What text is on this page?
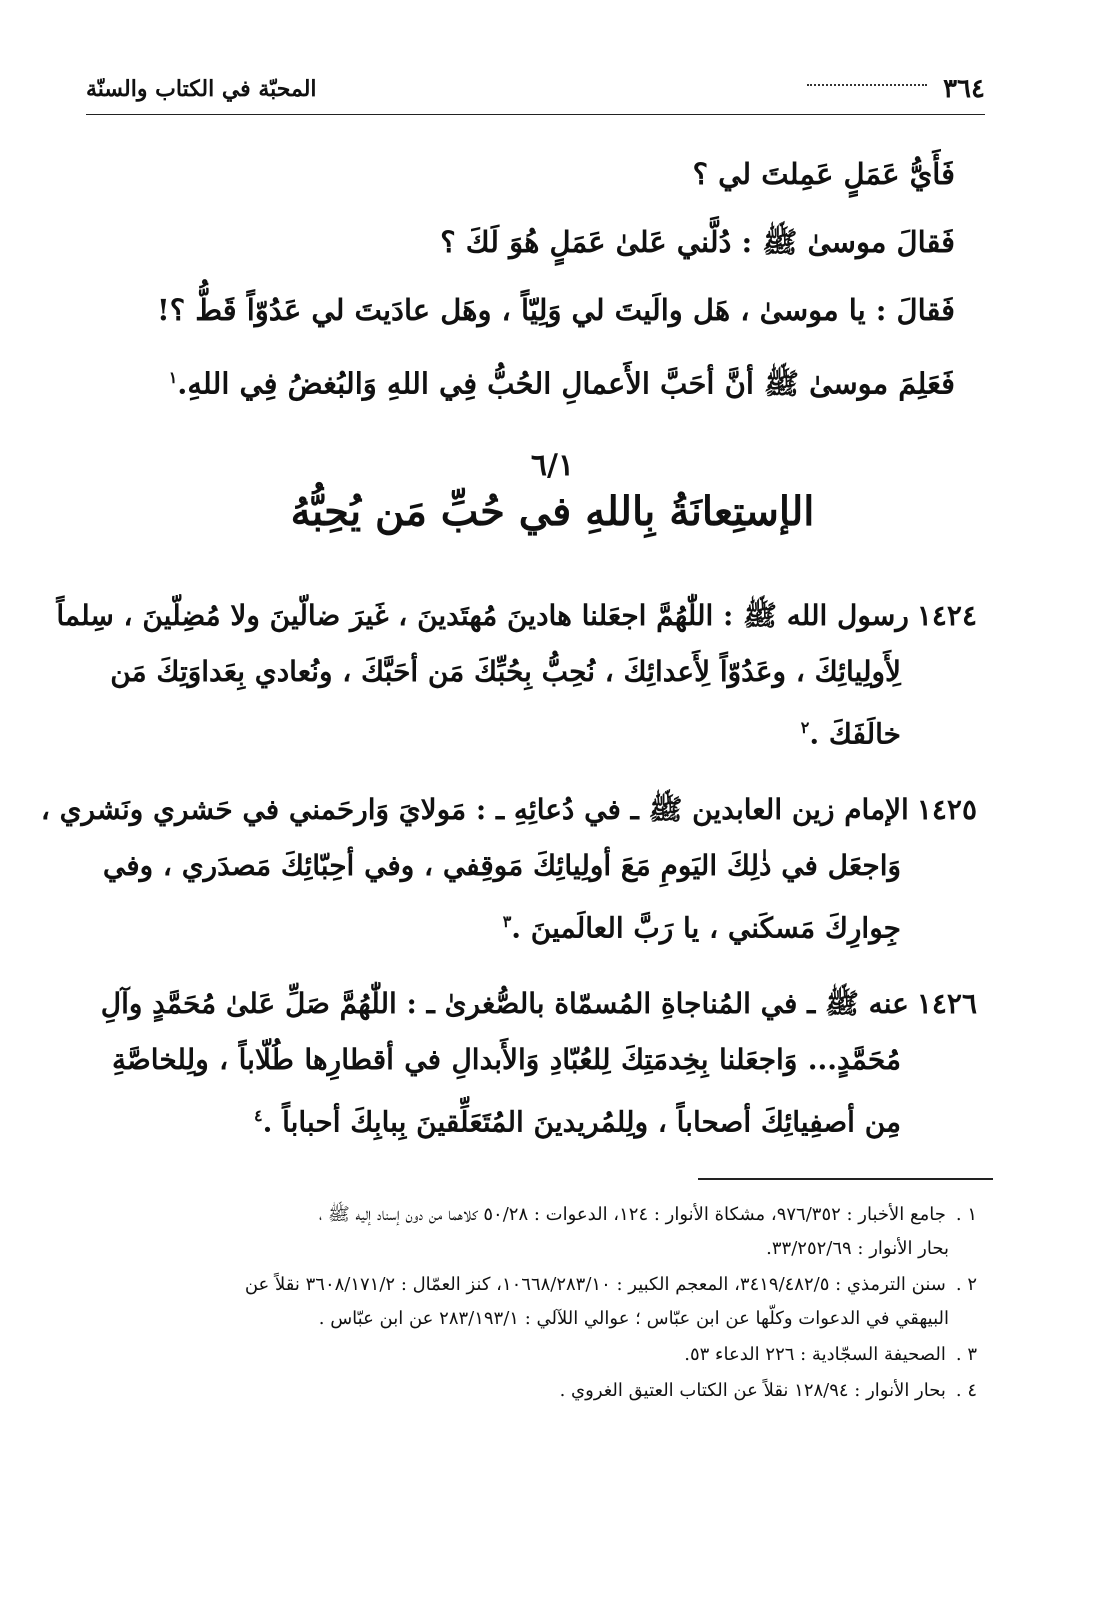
٣٦٤
المحبّة في الكتاب والسنّة

فَأَيُّ عَمَلٍ عَمِلتَ لي ؟

فَقالَ موسىٰ ﷺ : دُلَّني عَلىٰ عَمَلٍ هُوَ لَكَ ؟

فَقالَ : يا موسىٰ ، هَل والَيتَ لي وَلِيّاً ، وهَل عادَيتَ لي عَدُوّاً قَطُّ ؟!

فَعَلِمَ موسىٰ ﷺ أنَّ أحَبَّ الأَعمالِ الحُبُّ فِي اللهِ وَالبُغضُ فِي اللهِ.$^١$

٦/١
الإستِعانَةُ بِاللهِ في حُبِّ مَن يُحِبُّهُ
١٤٢٤رسول الله ﷺ : اللّٰهُمَّ اجعَلنا هادينَ مُهتَدينَ ، غَيرَ ضالّينَ ولا مُضِلّينَ ، سِلماً
لِأَولِيائِكَ ، وعَدُوّاً لِأَعدائِكَ ، نُحِبُّ بِحُبِّكَ مَن أحَبَّكَ ، ونُعادي بِعَداوَتِكَ مَن
خالَفَكَ .$^٢$
١٤٢٥الإمام زين العابدين ﷺ ـ في دُعائِهِ ـ : مَولايَ وَارحَمني في حَشري ونَشري ،
وَاجعَل في ذٰلِكَ اليَومِ مَعَ أولِيائِكَ مَوقِفي ، وفي أحِبّائِكَ مَصدَري ، وفي
جِوارِكَ مَسكَني ، يا رَبَّ العالَمينَ .$^٣$
١٤٢٦عنه ﷺ ـ في المُناجاةِ المُسمّاة بالصُّغرىٰ ـ : اللّٰهُمَّ صَلِّ عَلىٰ مُحَمَّدٍ وآلِ
مُحَمَّدٍ... وَاجعَلنا بِخِدمَتِكَ لِلعُبّادِ وَالأَبدالِ في أقطارِها طُلّاباً ، ولِلخاصَّةِ
مِن أصفِيائِكَ أصحاباً ، ولِلمُريدينَ المُتَعَلِّقينَ بِبابِكَ أحباباً .$^٤$

١ .جامع الأخبار : ٩٧٦/٣٥٢، مشكاة الأنوار : ١٢٤، الدعوات : ٥٠/٢٨ كلاهما من دون إسناد إليه ﷺ ،
بحار الأنوار : ٣٣/٢٥٢/٦٩.

٢ .سنن الترمذي : ٣٤١٩/٤٨٢/٥، المعجم الكبير : ١٠٦٦٨/٢٨٣/١٠، كنز العمّال : ٣٦٠٨/١٧١/٢ نقلاً عن
البيهقي في الدعوات وكلّها عن ابن عبّاس ؛ عوالي اللآلي : ٢٨٣/١٩٣/١ عن ابن عبّاس .

٣ .الصحيفة السجّادية : ٢٢٦ الدعاء ٥٣.

٤ .بحار الأنوار : ١٢٨/٩٤ نقلاً عن الكتاب العتيق الغروي .
